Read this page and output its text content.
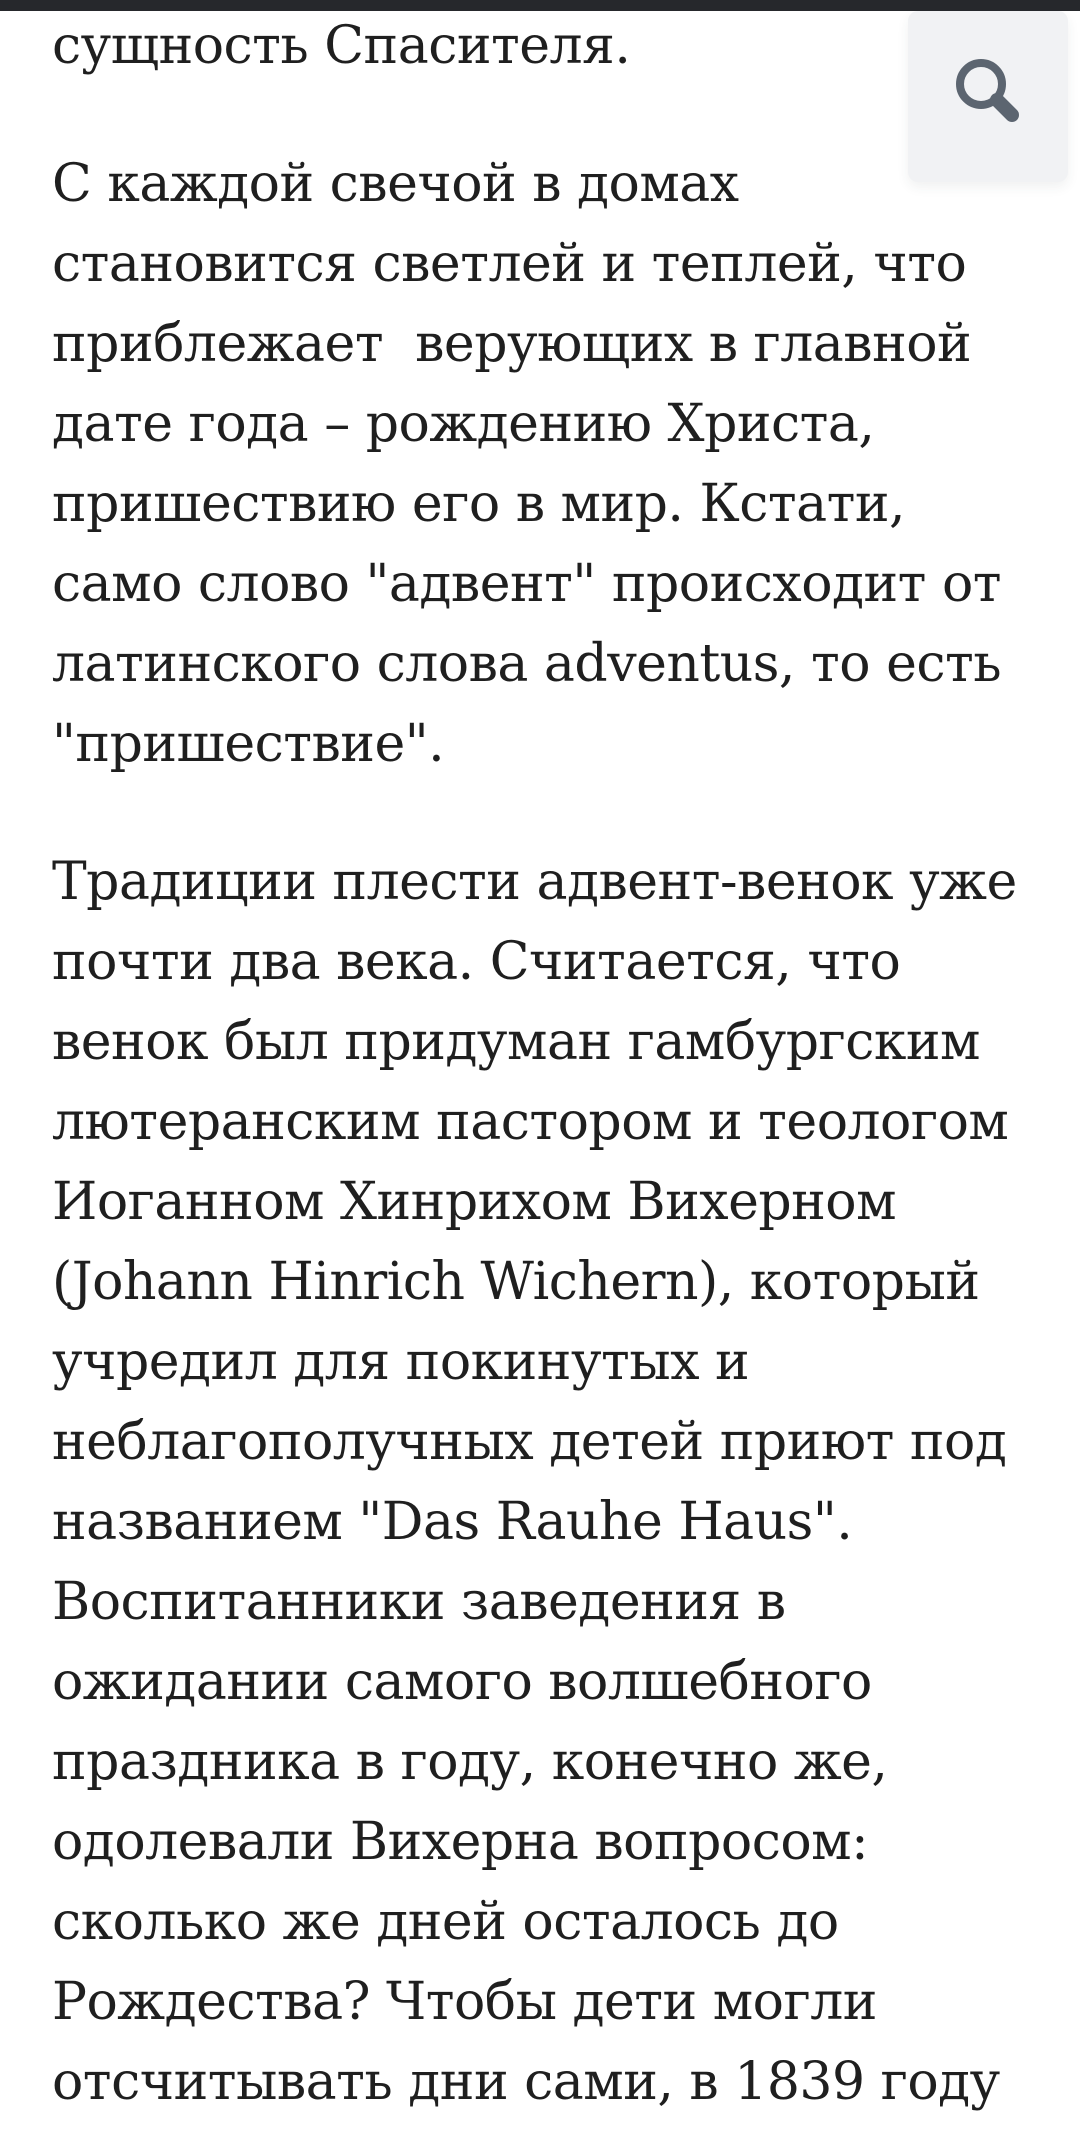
сущность Спасителя.
С каждой свечой в домах
становится светлей и теплей, что
приблежает  верующих в главной
дате года – рождению Христа,
пришествию его в мир. Кстати,
само слово "адвент" происходит от
латинского слова adventus, то есть
"пришествие".
Традиции плести адвент-венок уже
почти два века. Считается, что
венок был придуман гамбургским
лютеранским пастором и теологом
Иоганном Хинрихом Вихерном
(Johann Hinrich Wichern), который
учредил для покинутых и
неблагополучных детей приют под
названием "Das Rauhe Haus".
Воспитанники заведения в
ожидании самого волшебного
праздника в году, конечно же,
одолевали Вихерна вопросом:
сколько же дней осталось до
Рождества? Чтобы дети могли
отсчитывать дни сами, в 1839 году
